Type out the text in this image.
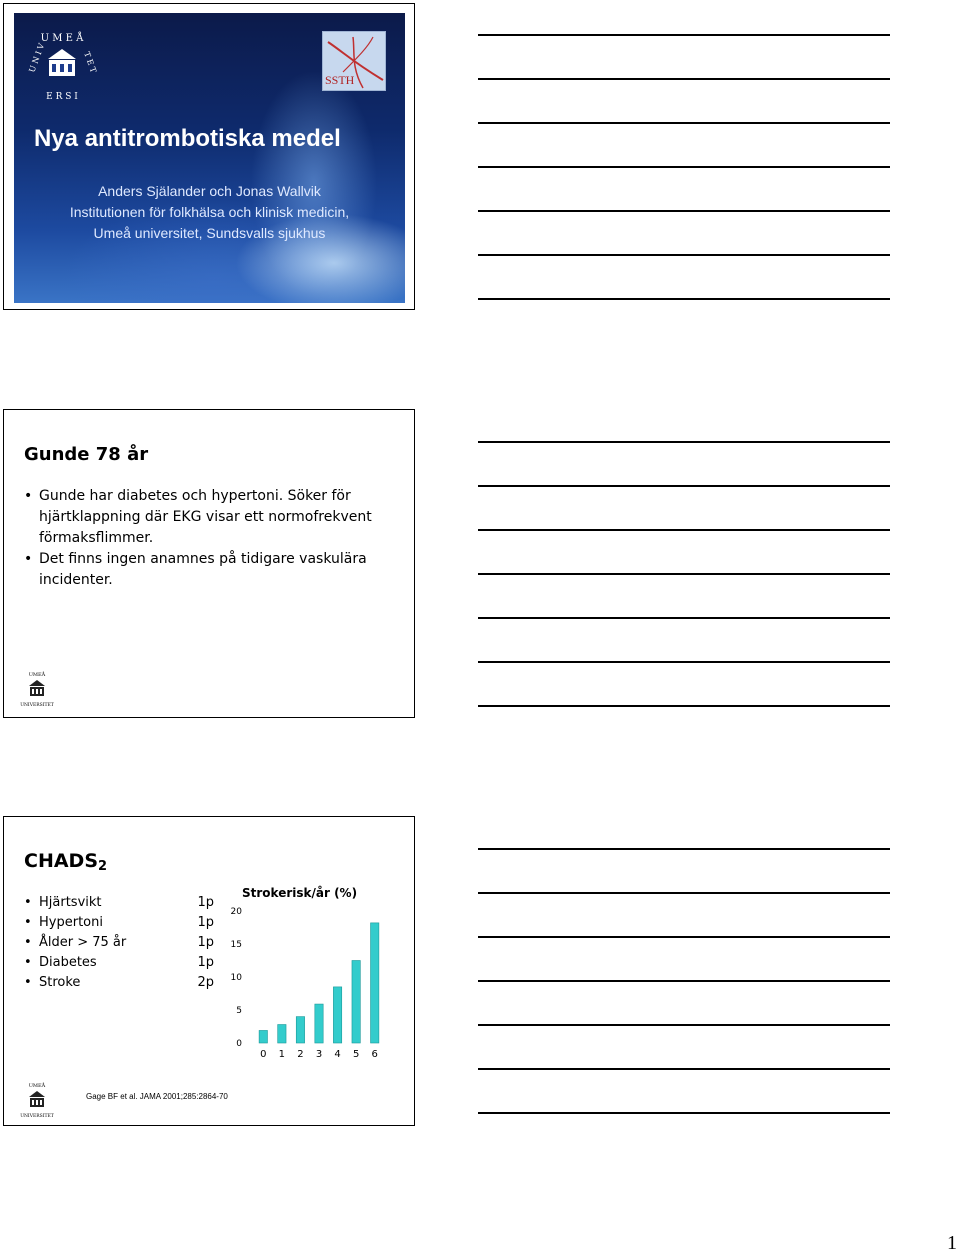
U M E Å
U N I V	T E T
E R S I
SSTH
Nya antitrombotiska medel
Anders Själander och Jonas Wallvik
Institutionen för folkhälsa och klinisk medicin,
Umeå universitet, Sundsvalls sjukhus
Gunde 78 år
• Gunde har diabetes och hypertoni. Söker för hjärtklappning där EKG visar ett normofrekvent förmaksflimmer.
• Det finns ingen anamnes på tidigare vaskulära incidenter.
UMEÅ
UNIVERSITET
$CHADS_2$
• Hjärtsvikt	1p
• Hypertoni	1p
• Ålder > 75 år	1p
• Diabetes	1p
• Stroke	2p
Strokerisk/år (%)
0
5
10
15
20
0 1 2 3 4 5 6
Gage BF et al. JAMA 2001;285:2864-70
UMEÅ
UNIVERSITET
1
